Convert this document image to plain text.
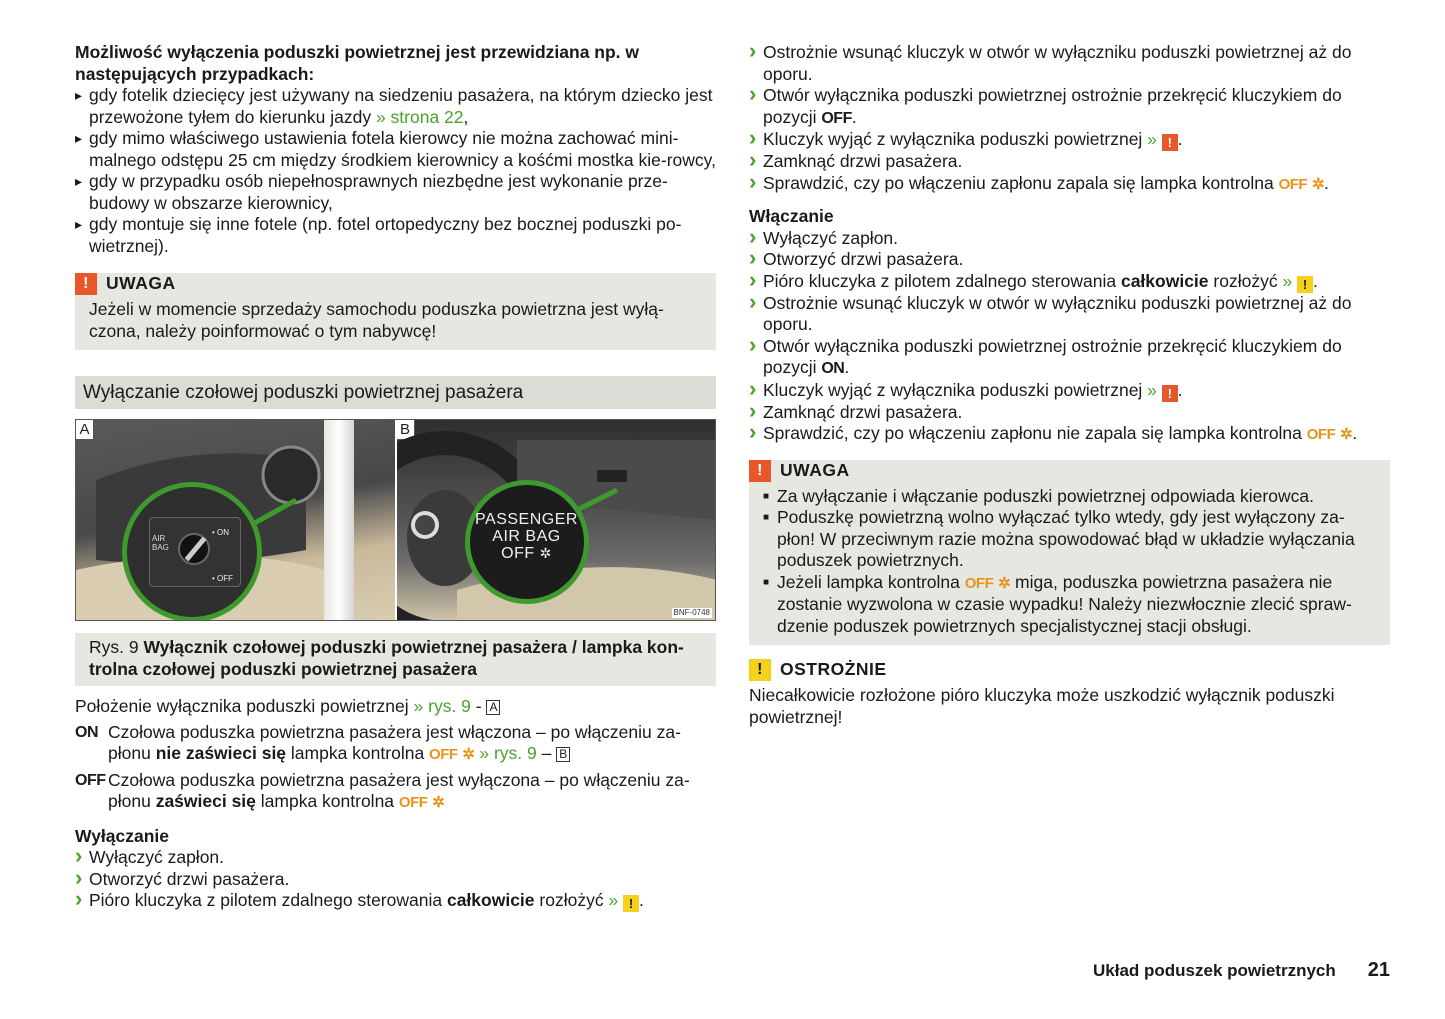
Możliwość wyłączenia poduszki powietrznej jest przewidziana np. w następujących przypadkach:
▸ gdy fotelik dziecięcy jest używany na siedzeniu pasażera, na którym dziecko jest przewożone tyłem do kierunku jazdy » strona 22,
▸ gdy mimo właściwego ustawienia fotela kierowcy nie można zachować mini-malnego odstępu 25 cm między środkiem kierownicy a kośćmi mostka kie-rowcy,
▸ gdy w przypadku osób niepełnosprawnych niezbędne jest wykonanie prze-budowy w obszarze kierownicy,
▸ gdy montuje się inne fotele (np. fotel ortopedyczny bez bocznej poduszki po-wietrznej).
! UWAGA
Jeżeli w momencie sprzedaży samochodu poduszka powietrzna jest wyłą-czona, należy poinformować o tym nabywcę!
Wyłączanie czołowej poduszki powietrznej pasażera
A
AIR BAG
• ON
• OFF
B
PASSENGER
AIR BAG
OFF ✲
BNF-0748
Rys. 9 Wyłącznik czołowej poduszki powietrznej pasażera / lampka kon-trolna czołowej poduszki powietrznej pasażera
Położenie wyłącznika poduszki powietrznej » rys. 9 - A
ON Czołowa poduszka powietrzna pasażera jest włączona – po włączeniu za-płonu nie zaświeci się lampka kontrolna OFF ✲ » rys. 9 – B
OFF Czołowa poduszka powietrzna pasażera jest wyłączona – po włączeniu za-płonu zaświeci się lampka kontrolna OFF ✲
Wyłączanie
› Wyłączyć zapłon.
› Otworzyć drzwi pasażera.
› Pióro kluczyka z pilotem zdalnego sterowania całkowicie rozłożyć » ! .
› Ostrożnie wsunąć kluczyk w otwór w wyłączniku poduszki powietrznej aż do oporu.
› Otwór wyłącznika poduszki powietrznej ostrożnie przekręcić kluczykiem do pozycji OFF.
› Kluczyk wyjąć z wyłącznika poduszki powietrznej » ! .
› Zamknąć drzwi pasażera.
› Sprawdzić, czy po włączeniu zapłonu zapala się lampka kontrolna OFF ✲.
Włączanie
› Wyłączyć zapłon.
› Otworzyć drzwi pasażera.
› Pióro kluczyka z pilotem zdalnego sterowania całkowicie rozłożyć » ! .
› Ostrożnie wsunąć kluczyk w otwór w wyłączniku poduszki powietrznej aż do oporu.
› Otwór wyłącznika poduszki powietrznej ostrożnie przekręcić kluczykiem do pozycji ON.
› Kluczyk wyjąć z wyłącznika poduszki powietrznej » ! .
› Zamknąć drzwi pasażera.
› Sprawdzić, czy po włączeniu zapłonu nie zapala się lampka kontrolna OFF ✲.
! UWAGA
■ Za wyłączanie i włączanie poduszki powietrznej odpowiada kierowca.
■ Poduszkę powietrzną wolno wyłączać tylko wtedy, gdy jest wyłączony za-płon! W przeciwnym razie można spowodować błąd w układzie wyłączania poduszek powietrznych.
■ Jeżeli lampka kontrolna OFF ✲ miga, poduszka powietrzna pasażera nie zostanie wyzwolona w czasie wypadku! Należy niezwłocznie zlecić spraw-dzenie poduszek powietrznych specjalistycznej stacji obsługi.
! OSTROŻNIE
Niecałkowicie rozłożone pióro kluczyka może uszkodzić wyłącznik poduszki powietrznej!
Układ poduszek powietrznych 21
